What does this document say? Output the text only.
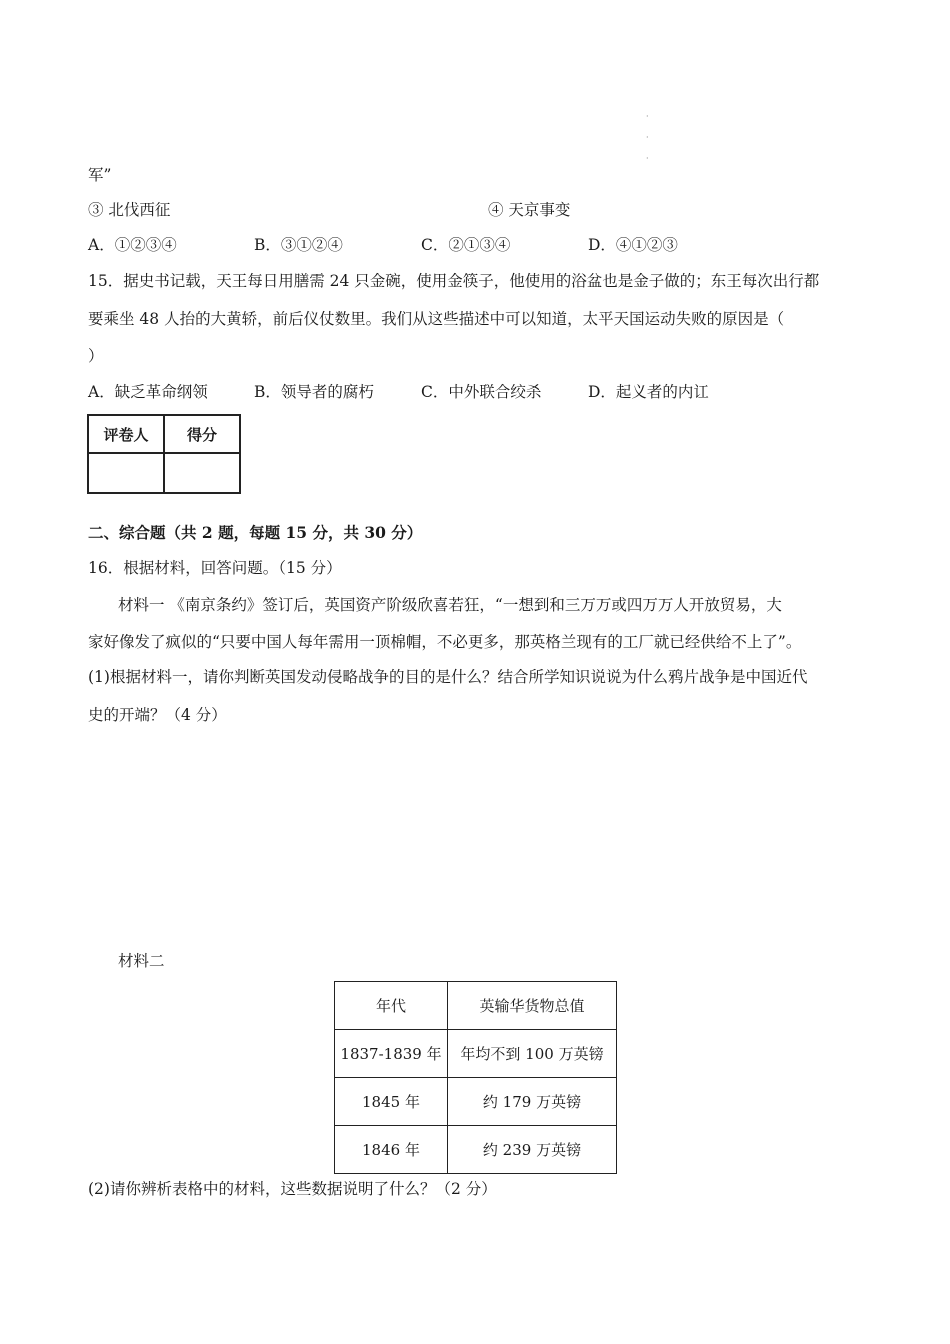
·
·
·
军”
③ 北伐西征	④ 天京事变
A．①②③④	B．③①②④	C．②①③④	D．④①②③
15．据史书记载，天王每日用膳需 24 只金碗，使用金筷子，他使用的浴盆也是金子做的；东王每次出行都
要乘坐 48 人抬的大黄轿，前后仪仗数里。我们从这些描述中可以知道，太平天国运动失败的原因是（
）
A．缺乏革命纲领	B．领导者的腐朽	C．中外联合绞杀	D．起义者的内讧
评卷人	得分

二、综合题（共 2 题，每题 15 分，共 30 分）
16．根据材料，回答问题。（15 分）
材料一 《南京条约》签订后，英国资产阶级欣喜若狂，“一想到和三万万或四万万人开放贸易，大
家好像发了疯似的“只要中国人每年需用一顶棉帽，不必更多，那英格兰现有的工厂就已经供给不上了”。
(1)根据材料一，请你判断英国发动侵略战争的目的是什么？结合所学知识说说为什么鸦片战争是中国近代
史的开端？（4 分）
材料二
年代	英输华货物总值
1837-1839 年	年均不到 100 万英镑
1845 年	约 179 万英镑
1846 年	约 239 万英镑
(2)请你辨析表格中的材料，这些数据说明了什么？（2 分）
